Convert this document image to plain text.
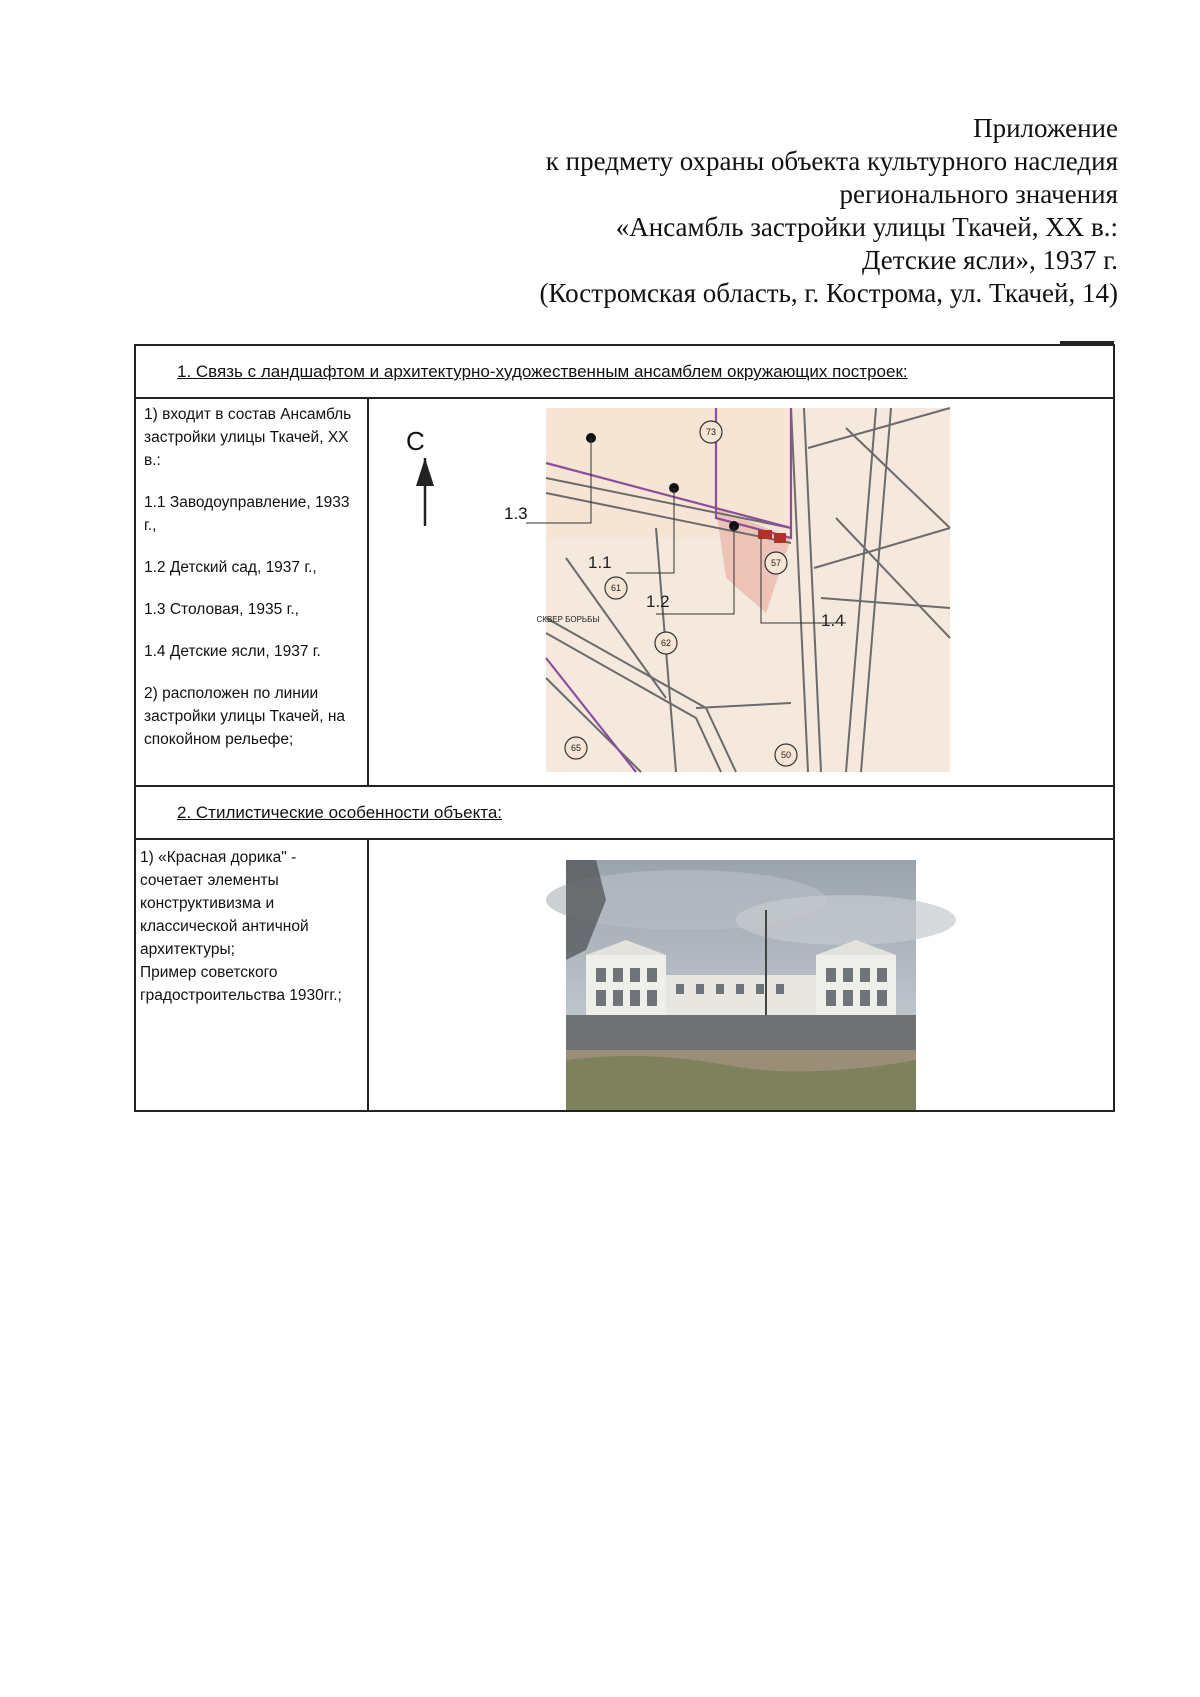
Приложение
к предмету охраны объекта культурного наследия
регионального значения
«Ансамбль застройки улицы Ткачей, XX в.:
Детские ясли», 1937 г.
(Костромская область, г. Кострома, ул. Ткачей, 14)
1. Связь с ландшафтом и архитектурно-художественным ансамблем окружающих построек:

1) входит в состав Ансамбль застройки улицы Ткачей, XX в.:

1.1 Заводоуправление, 1933 г.,

1.2 Детский сад, 1937 г.,

1.3 Столовая, 1935 г.,

1.4 Детские ясли, 1937 г.

2) расположен по линии застройки улицы Ткачей, на спокойном рельефе;

С	73
61
57
62
65
50
СКВЕР БОРЬБЫ
1.1
1.2
1.4
1.3
2. Стилистические особенности объекта:

1) «Красная дорика" - сочетает элементы конструктивизма и классической античной архитектуры;

Пример советского градостроительства 1930гг.;
